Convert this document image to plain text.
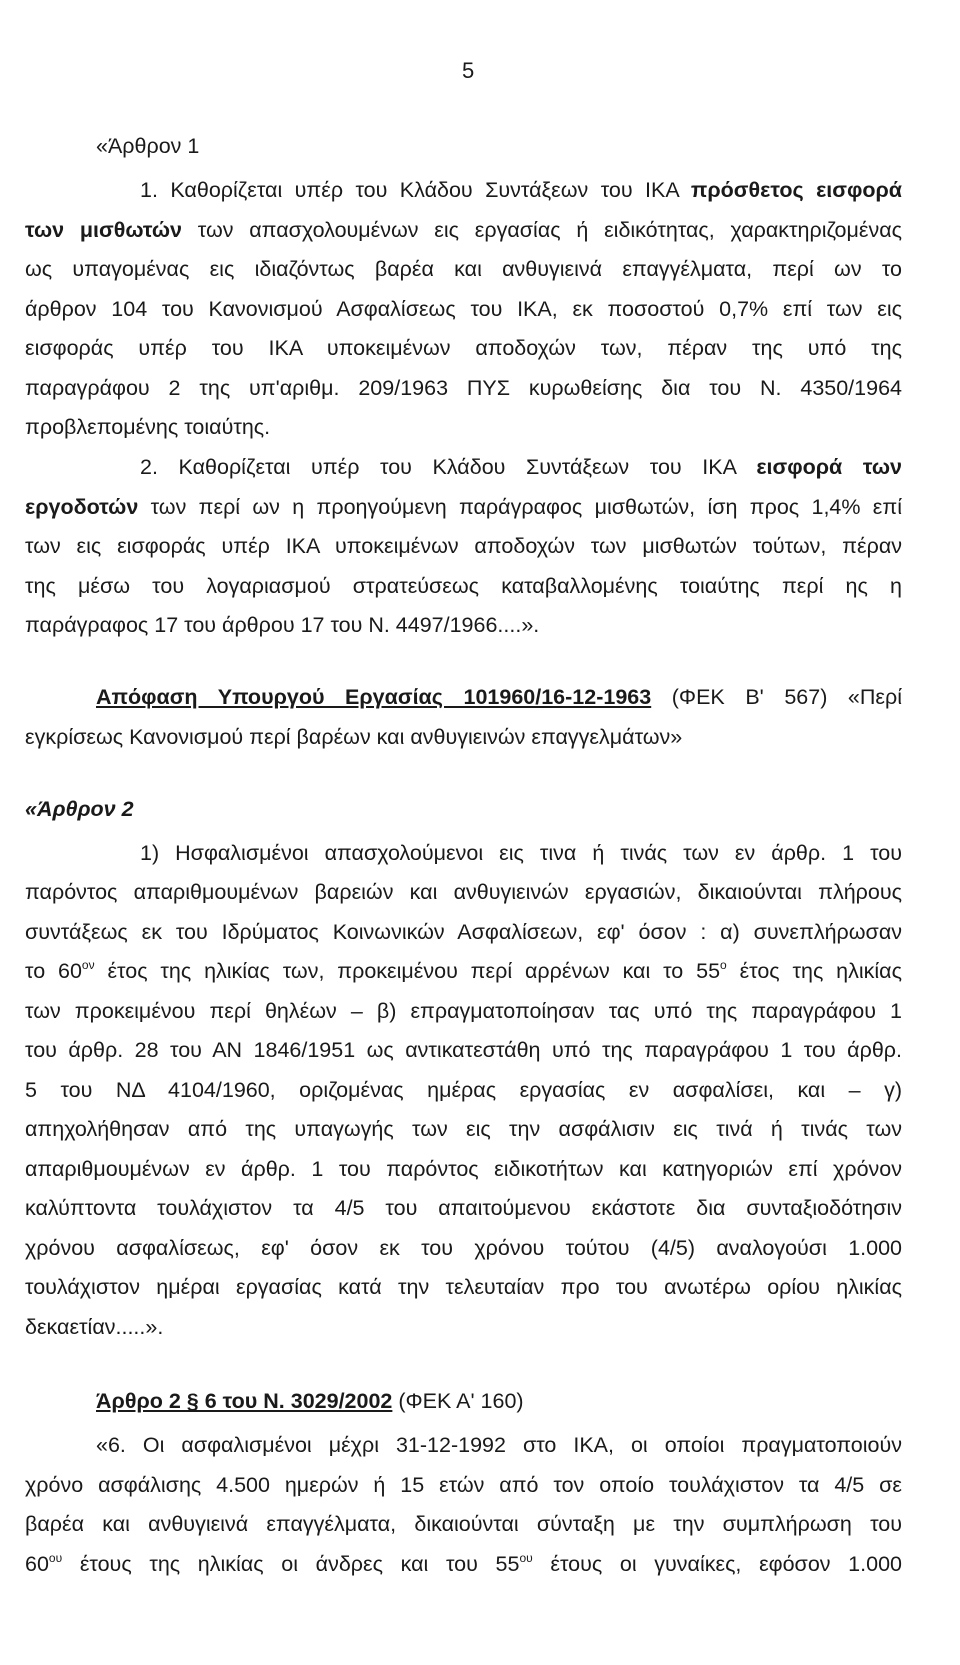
5
«Άρθρον 1
1. Καθορίζεται υπέρ του Κλάδου Συντάξεων του ΙΚΑ πρόσθετος εισφορά
των μισθωτών των απασχολουμένων εις εργασίας ή ειδικότητας, χαρακτηριζομένας
ως υπαγομένας εις ιδιαζόντως βαρέα και ανθυγιεινά επαγγέλματα, περί ων το
άρθρον 104 του Κανονισμού Ασφαλίσεως του ΙΚΑ, εκ ποσοστού 0,7% επί των εις
εισφοράς υπέρ του ΙΚΑ υποκειμένων αποδοχών των, πέραν της υπό της
παραγράφου 2 της υπ'αριθμ. 209/1963 ΠΥΣ κυρωθείσης δια του Ν. 4350/1964
προβλεπομένης τοιαύτης.
2. Καθορίζεται υπέρ του Κλάδου Συντάξεων του ΙΚΑ εισφορά των
εργοδοτών των περί ων η προηγούμενη παράγραφος μισθωτών, ίση προς 1,4% επί
των εις εισφοράς υπέρ ΙΚΑ υποκειμένων αποδοχών των μισθωτών τούτων, πέραν
της μέσω του λογαριασμού στρατεύσεως καταβαλλομένης τοιαύτης περί ης η
παράγραφος 17 του άρθρου 17 του Ν. 4497/1966....».
Απόφαση Υπουργού Εργασίας 101960/16-12-1963 (ΦΕΚ Β' 567) «Περί
εγκρίσεως Κανονισμού περί βαρέων και ανθυγιεινών επαγγελμάτων»
«Άρθρον 2
1) Ησφαλισμένοι απασχολούμενοι εις τινα ή τινάς των εν άρθρ. 1 του
παρόντος απαριθμουμένων βαρειών και ανθυγιεινών εργασιών, δικαιούνται πλήρους
συντάξεως εκ του Ιδρύματος Κοινωνικών Ασφαλίσεων, εφ' όσον : α) συνεπλήρωσαν
το $60^{o\nu}$ έτος της ηλικίας των, προκειμένου περί αρρένων και το $55^o$ έτος της ηλικίας
των προκειμένου περί θηλέων – β) επραγματοποίησαν τας υπό της παραγράφου 1
του άρθρ. 28 του ΑΝ 1846/1951 ως αντικατεστάθη υπό της παραγράφου 1 του άρθρ.
5 του ΝΔ 4104/1960, οριζομένας ημέρας εργασίας εν ασφαλίσει, και – γ)
απηχολήθησαν από της υπαγωγής των εις την ασφάλισιν εις τινά ή τινάς των
απαριθμουμένων εν άρθρ. 1 του παρόντος ειδικοτήτων και κατηγοριών επί χρόνον
καλύπτοντα τουλάχιστον τα 4/5 του απαιτούμενου εκάστοτε δια συνταξιοδότησιν
χρόνου ασφαλίσεως, εφ' όσον εκ του χρόνου τούτου (4/5) αναλογούσι 1.000
τουλάχιστον ημέραι εργασίας κατά την τελευταίαν προ του ανωτέρω ορίου ηλικίας
δεκαετίαν.....».
Άρθρο 2 § 6 του Ν. 3029/2002 (ΦΕΚ Α' 160)
«6. Οι ασφαλισμένοι μέχρι 31-12-1992 στο ΙΚΑ, οι οποίοι πραγματοποιούν
χρόνο ασφάλισης 4.500 ημερών ή 15 ετών από τον οποίο τουλάχιστον τα 4/5 σε
βαρέα και ανθυγιεινά επαγγέλματα, δικαιούνται σύνταξη με την συμπλήρωση του
$60^{o\upsilon}$ έτους της ηλικίας οι άνδρες και του $55^{o\upsilon}$ έτους οι γυναίκες, εφόσον 1.000
